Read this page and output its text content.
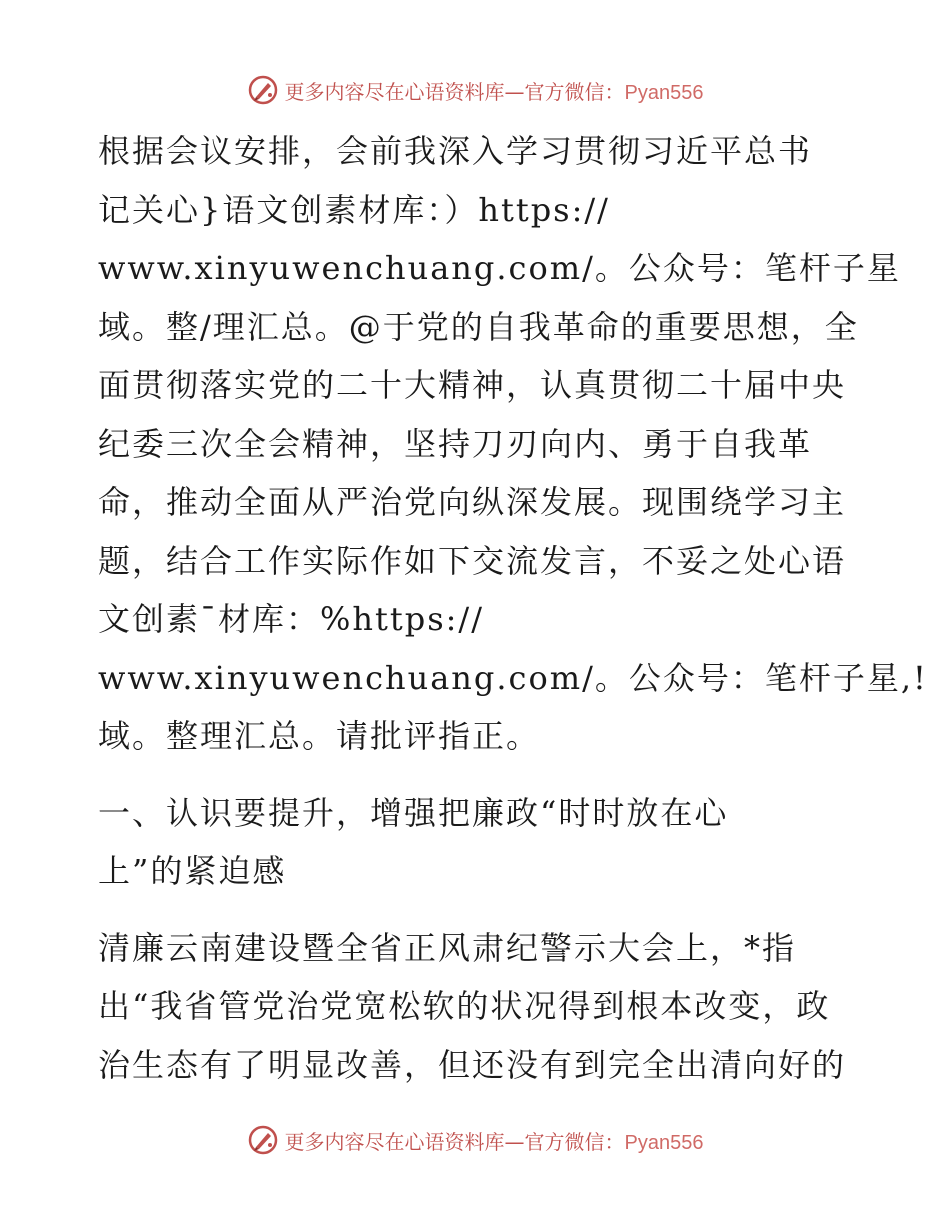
更多内容尽在心语资料库—官方微信：Pyan556
根据会议安排，会前我深入学习贯彻习近平总书
记关心}语文创素材库：）https://
www.xinyuwenchuang.com/。公众号：笔杆子星
域。整/理汇总。@于党的自我革命的重要思想，全
面贯彻落实党的二十大精神，认真贯彻二十届中央
纪委三次全会精神，坚持刀刃向内、勇于自我革
命，推动全面从严治党向纵深发展。现围绕学习主
题，结合工作实际作如下交流发言，不妥之处心语
文创素¯材库：%https://
www.xinyuwenchuang.com/。公众号：笔杆子星,!
域。整理汇总。请批评指正。
一、认识要提升，增强把廉政“时时放在心
上”的紧迫感
清廉云南建设暨全省正风肃纪警示大会上，*指
出“我省管党治党宽松软的状况得到根本改变，政
治生态有了明显改善，但还没有到完全出清向好的
更多内容尽在心语资料库—官方微信：Pyan556
